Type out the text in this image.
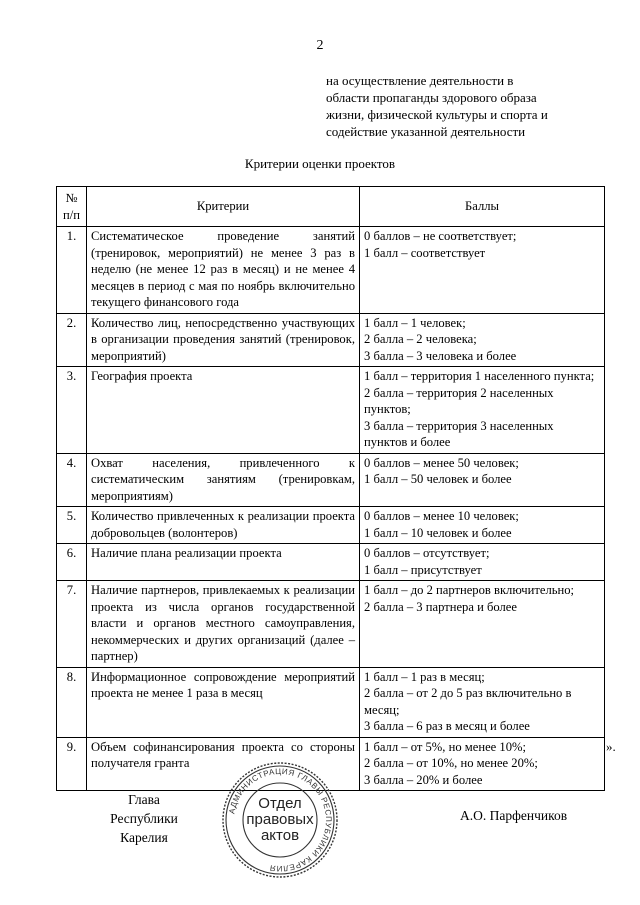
2
на осуществление деятельности в
области пропаганды здорового образа
жизни, физической культуры и спорта и
содействие указанной деятельности
Критерии оценки проектов
№ п/п	Критерии	Баллы
1.	Систематическое проведение занятий (тренировок, мероприятий) не менее 3 раз в неделю (не менее 12 раз в месяц) и не менее 4 месяцев в период с мая по ноябрь включительно текущего финансового года	0 баллов – не соответствует;
1 балл – соответствует

2.	Количество лиц, непосредственно участвующих в организации проведения занятий (тренировок, мероприятий)	1 балл – 1 человек;
2 балла – 2 человека;
3 балла – 3 человека и более

3.	География проекта	1 балл – территория 1 населенного пункта;
2 балла – территория 2 населенных пунктов;
3 балла – территория 3 населенных пунктов и более

4.	Охват населения, привлеченного к систематическим занятиям (тренировкам, мероприятиям)	0 баллов – менее 50 человек;
1 балл – 50 человек и более

5.	Количество привлеченных к реализации проекта добровольцев (волонтеров)	0 баллов – менее 10 человек;
1 балл – 10 человек и более

6.	Наличие плана реализации проекта	0 баллов – отсутствует;
1 балл – присутствует

7.	Наличие партнеров, привлекаемых к реализации проекта из числа органов государственной власти и органов местного самоуправления, некоммерческих и других организаций (далее – партнер)	1 балл – до 2 партнеров включительно;
2 балла – 3 партнера и более

8.	Информационное сопровождение мероприятий проекта не менее 1 раза в месяц	1 балл – 1 раз в месяц;
2 балла – от 2 до 5 раз включительно в месяц;
3 балла – 6 раз в месяц и более

9.	Объем софинансирования проекта со стороны получателя гранта	1 балл – от 5%, но менее 10%;
2 балла – от 10%, но менее 20%;
3 балла – 20% и более
».
Глава
Республики Карелия
АДМИНИСТРАЦИЯ ГЛАВЫ РЕСПУБЛИКИ КАРЕЛИЯ
Отдел
правовых
актов
А.О. Парфенчиков
